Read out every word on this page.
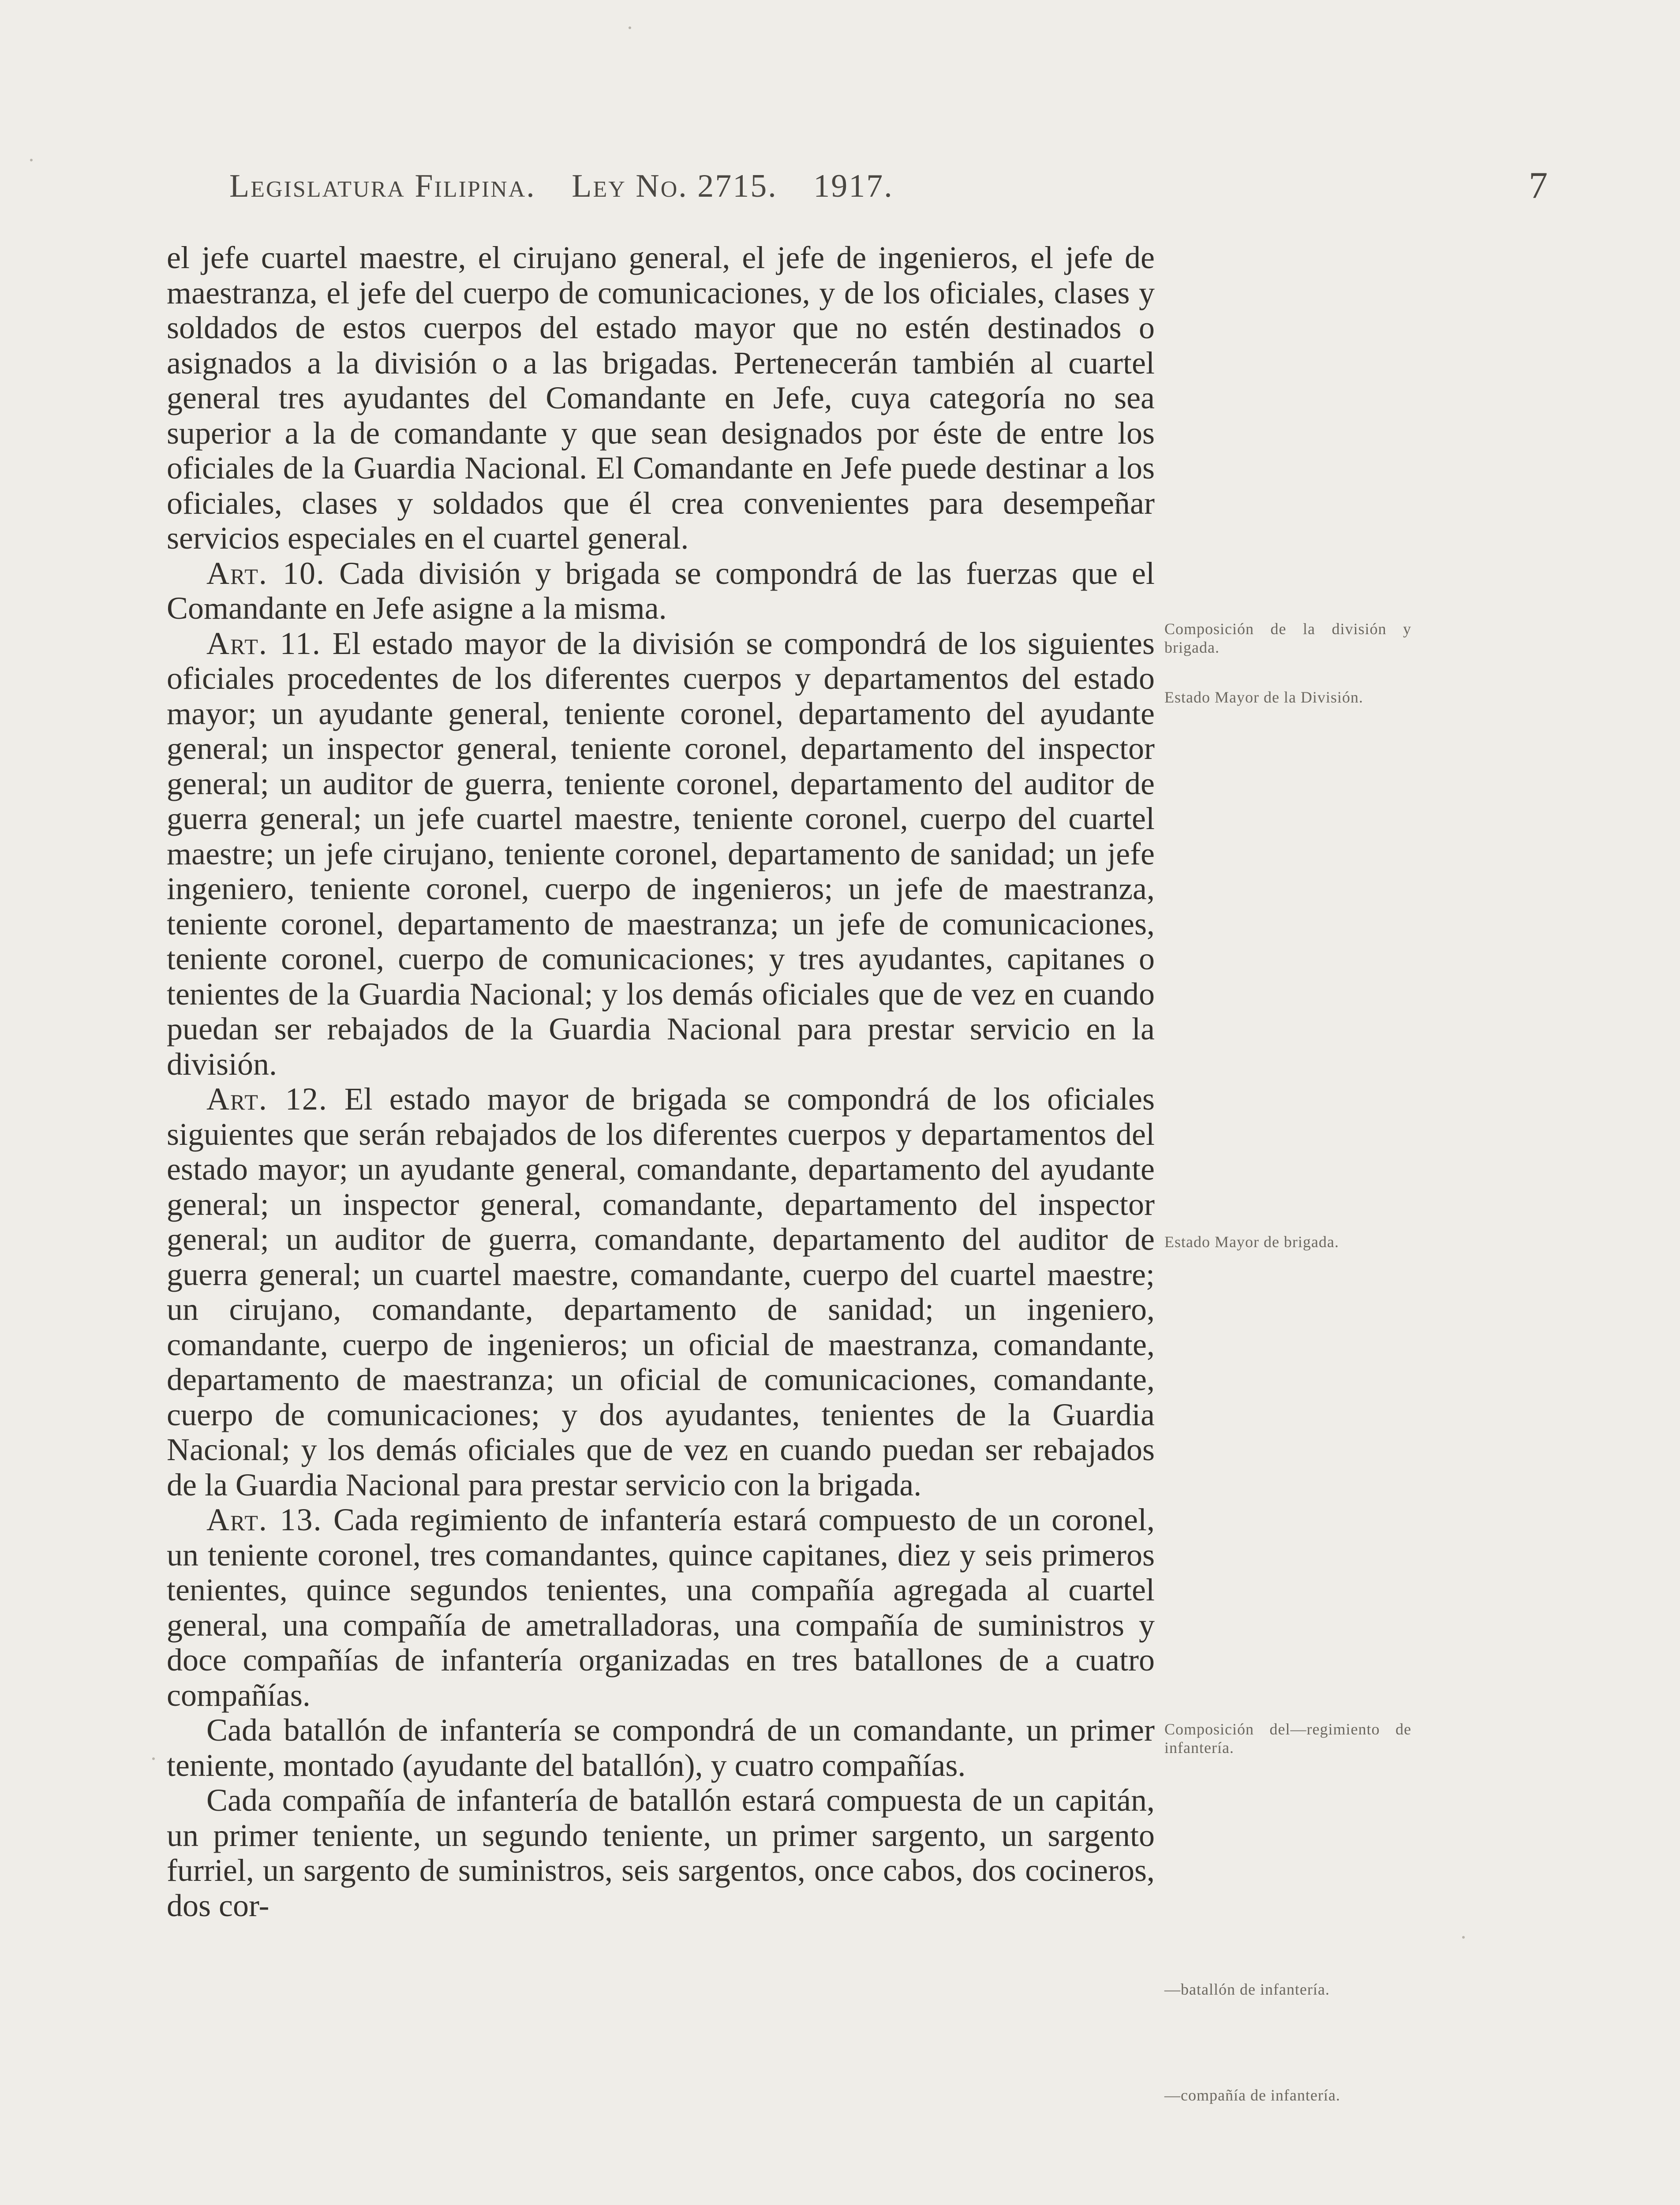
Legislatura Filipina. Ley No. 2715. 1917.	7

el jefe cuartel maestre, el cirujano general, el jefe de ingenieros, el jefe de maestranza, el jefe del cuerpo de comunicaciones, y de los oficiales, clases y soldados de estos cuerpos del estado mayor que no estén destinados o asignados a la división o a las brigadas. Pertenecerán también al cuartel general tres ayudantes del Comandante en Jefe, cuya categoría no sea superior a la de comandante y que sean designados por éste de entre los oficiales de la Guardia Nacional. El Comandante en Jefe puede destinar a los oficiales, clases y soldados que él crea convenientes para desempeñar servicios especiales en el cuartel general.

Art. 10. Cada división y brigada se compondrá de las fuerzas que el Comandante en Jefe asigne a la misma.

Art. 11. El estado mayor de la división se compondrá de los siguientes oficiales procedentes de los diferentes cuerpos y departamentos del estado mayor; un ayudante general, teniente coronel, departamento del ayudante general; un inspector general, teniente coronel, departamento del inspector general; un auditor de guerra, teniente coronel, departamento del auditor de guerra general; un jefe cuartel maestre, teniente coronel, cuerpo del cuartel maestre; un jefe cirujano, teniente coronel, departamento de sanidad; un jefe ingeniero, teniente coronel, cuerpo de ingenieros; un jefe de maestranza, teniente coronel, departamento de maestranza; un jefe de comunicaciones, teniente coronel, cuerpo de comunicaciones; y tres ayudantes, capitanes o tenientes de la Guardia Nacional; y los demás oficiales que de vez en cuando puedan ser rebajados de la Guardia Nacional para prestar servicio en la división.

Art. 12. El estado mayor de brigada se compondrá de los oficiales siguientes que serán rebajados de los diferentes cuerpos y departamentos del estado mayor; un ayudante general, comandante, departamento del ayudante general; un inspector general, comandante, departamento del inspector general; un auditor de guerra, comandante, departamento del auditor de guerra general; un cuartel maestre, comandante, cuerpo del cuartel maestre; un cirujano, comandante, departamento de sanidad; un ingeniero, comandante, cuerpo de ingenieros; un oficial de maestranza, comandante, departamento de maestranza; un oficial de comunicaciones, comandante, cuerpo de comunicaciones; y dos ayudantes, tenientes de la Guardia Nacional; y los demás oficiales que de vez en cuando puedan ser rebajados de la Guardia Nacional para prestar servicio con la brigada.

Art. 13. Cada regimiento de infantería estará compuesto de un coronel, un teniente coronel, tres comandantes, quince capitanes, diez y seis primeros tenientes, quince segundos tenientes, una compañía agregada al cuartel general, una compañía de ametralladoras, una compañía de suministros y doce compañías de infantería organizadas en tres batallones de a cuatro compañías.

Cada batallón de infantería se compondrá de un comandante, un primer teniente, montado (ayudante del batallón), y cuatro compañías.

Cada compañía de infantería de batallón estará compuesta de un capitán, un primer teniente, un segundo teniente, un primer sargento, un sargento furriel, un sargento de suministros, seis sargentos, once cabos, dos cocineros, dos cor-

Composición de la división y brigada.
Estado Mayor de la División.
Estado Mayor de brigada.
Composición del—regimiento de infantería.
—batallón de infantería.
—compañía de infantería.
